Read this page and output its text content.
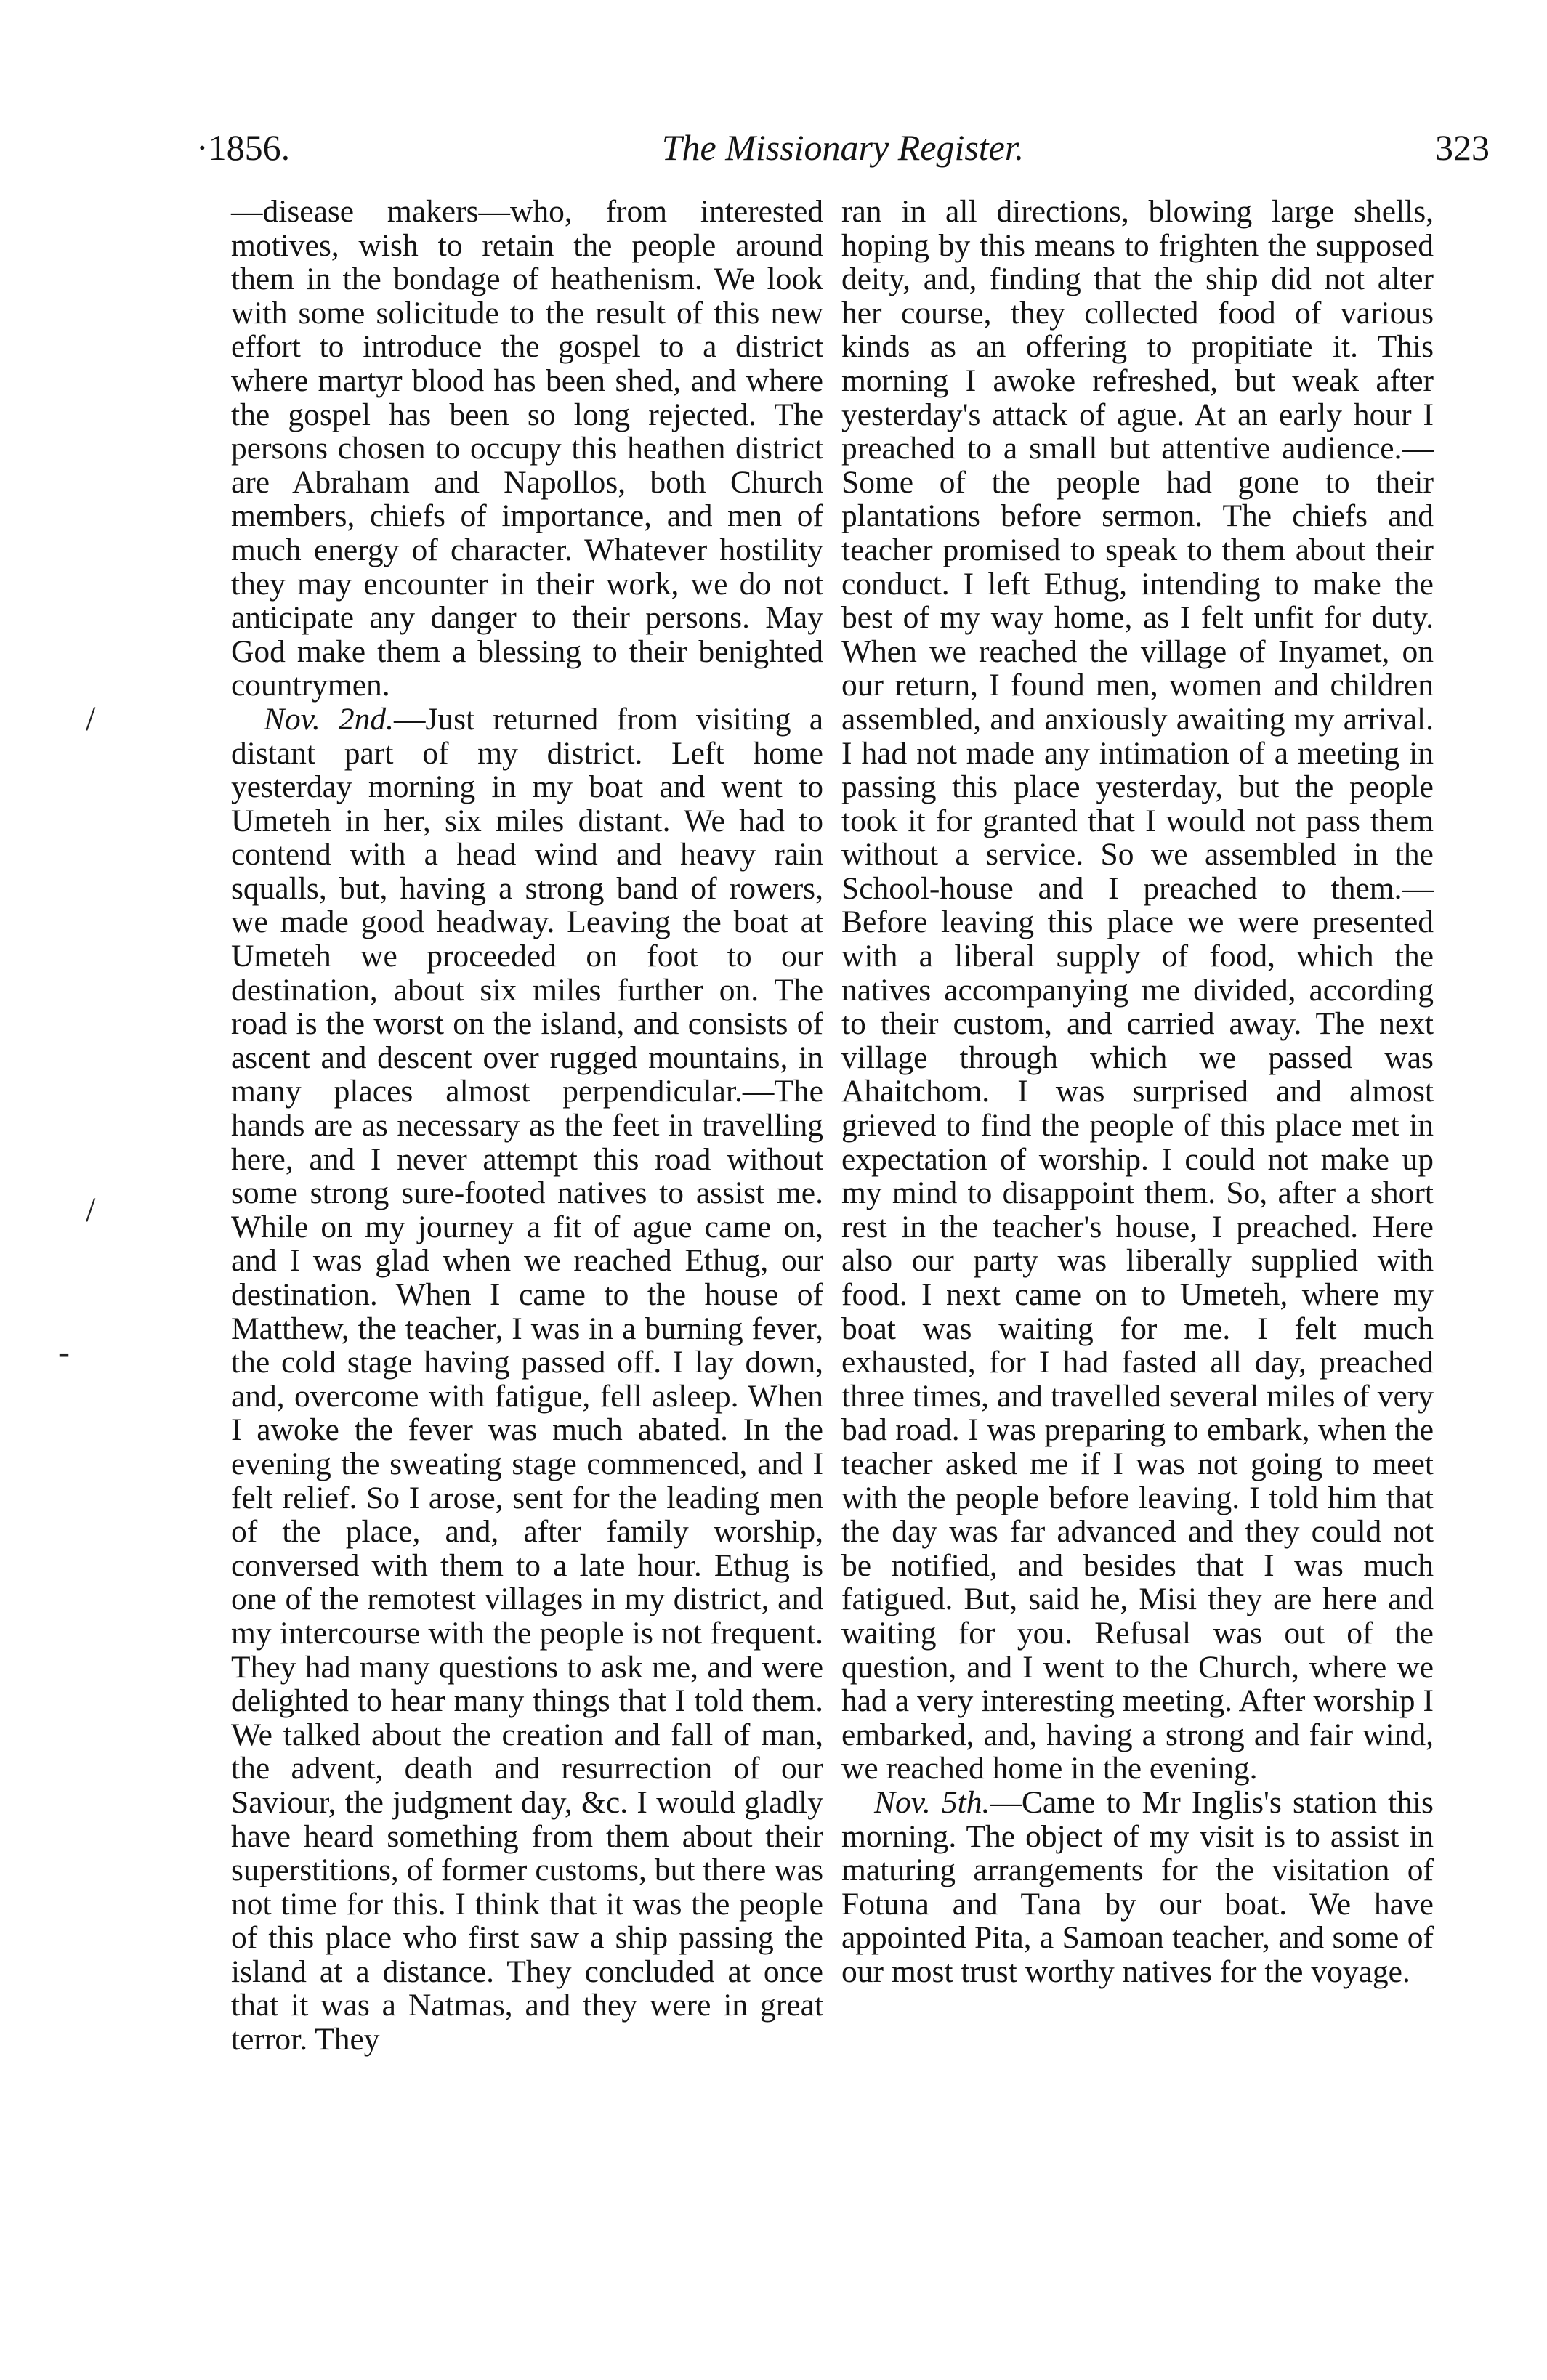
·1856.	The Missionary Register.	323
/
/
-

—disease makers—who, from interested motives, wish to retain the people around them in the bondage of heathenism. We look with some solicitude to the result of this new effort to introduce the gospel to a district where martyr blood has been shed, and where the gospel has been so long rejected. The persons chosen to occupy this heathen district are Abraham and Napollos, both Church members, chiefs of importance, and men of much energy of character. Whatever hostility they may encounter in their work, we do not anticipate any danger to their persons. May God make them a blessing to their benighted countrymen.

Nov. 2nd.—Just returned from visiting a distant part of my district. Left home yesterday morning in my boat and went to Umeteh in her, six miles distant. We had to contend with a head wind and heavy rain squalls, but, having a strong band of rowers, we made good headway. Leaving the boat at Umeteh we proceeded on foot to our destination, about six miles further on. The road is the worst on the island, and consists of ascent and descent over rugged mountains, in many places almost perpendicular.—The hands are as necessary as the feet in travelling here, and I never attempt this road without some strong sure-footed natives to assist me. While on my journey a fit of ague came on, and I was glad when we reached Ethug, our destination. When I came to the house of Matthew, the teacher, I was in a burning fever, the cold stage having passed off. I lay down, and, overcome with fatigue, fell asleep. When I awoke the fever was much abated. In the evening the sweating stage commenced, and I felt relief. So I arose, sent for the leading men of the place, and, after family worship, conversed with them to a late hour. Ethug is one of the remotest villages in my district, and my intercourse with the people is not frequent. They had many questions to ask me, and were delighted to hear many things that I told them. We talked about the creation and fall of man, the advent, death and resurrection of our Saviour, the judgment day, &c. I would gladly have heard something from them about their superstitions, of former customs, but there was not time for this. I think that it was the people of this place who first saw a ship passing the island at a distance. They concluded at once that it was a Natmas, and they were in great terror. They

ran in all directions, blowing large shells, hoping by this means to frighten the supposed deity, and, finding that the ship did not alter her course, they collected food of various kinds as an offering to propitiate it. This morning I awoke refreshed, but weak after yesterday's attack of ague. At an early hour I preached to a small but attentive audience.—Some of the people had gone to their plantations before sermon. The chiefs and teacher promised to speak to them about their conduct. I left Ethug, intending to make the best of my way home, as I felt unfit for duty. When we reached the village of Inyamet, on our return, I found men, women and children assembled, and anxiously awaiting my arrival. I had not made any intimation of a meeting in passing this place yesterday, but the people took it for granted that I would not pass them without a service. So we assembled in the School-house and I preached to them.—Before leaving this place we were presented with a liberal supply of food, which the natives accompanying me divided, according to their custom, and carried away. The next village through which we passed was Ahaitchom. I was surprised and almost grieved to find the people of this place met in expectation of worship. I could not make up my mind to disappoint them. So, after a short rest in the teacher's house, I preached. Here also our party was liberally supplied with food. I next came on to Umeteh, where my boat was waiting for me. I felt much exhausted, for I had fasted all day, preached three times, and travelled several miles of very bad road. I was preparing to embark, when the teacher asked me if I was not going to meet with the people before leaving. I told him that the day was far advanced and they could not be notified, and besides that I was much fatigued. But, said he, Misi they are here and waiting for you. Refusal was out of the question, and I went to the Church, where we had a very interesting meeting. After worship I embarked, and, having a strong and fair wind, we reached home in the evening.

Nov. 5th.—Came to Mr Inglis's station this morning. The object of my visit is to assist in maturing arrangements for the visitation of Fotuna and Tana by our boat. We have appointed Pita, a Samoan teacher, and some of our most trust worthy natives for the voyage.
